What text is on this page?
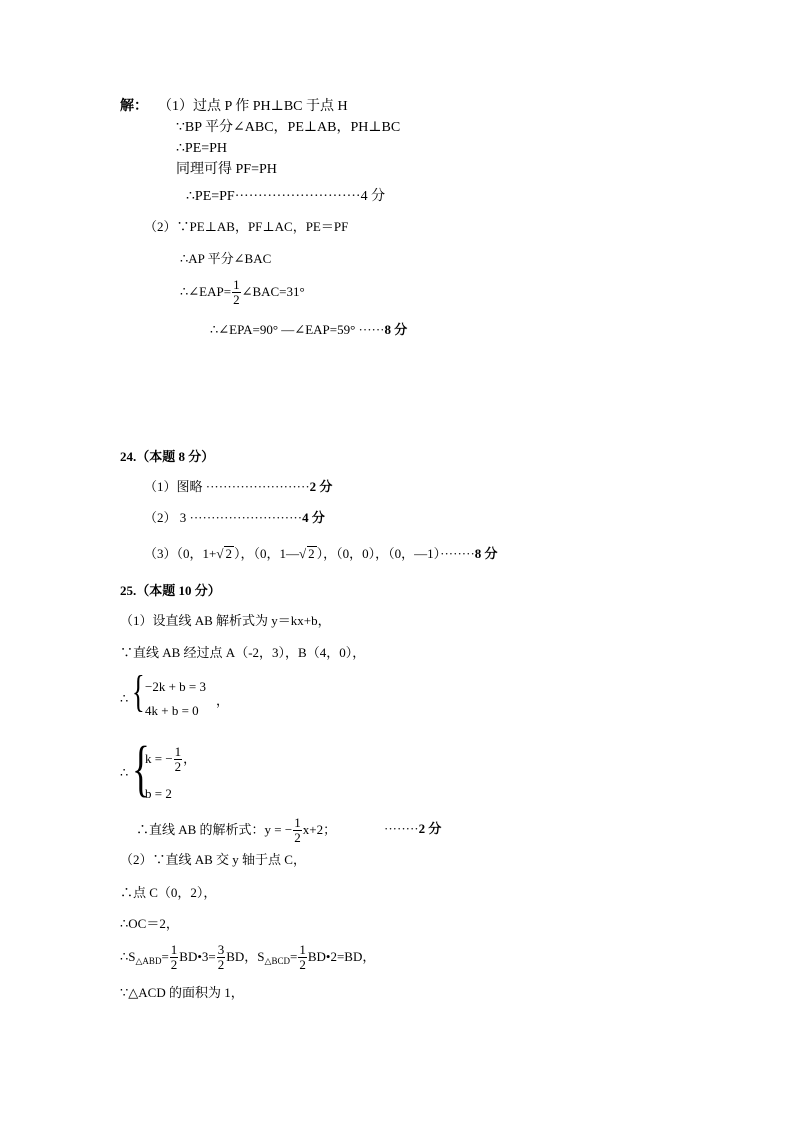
解： （1）过点 P 作 PH⊥BC 于点 H
∵BP 平分∠ABC，PE⊥AB，PH⊥BC
∴PE=PH
同理可得 PF=PH
∴PE=PF···························4 分
（2）∵PE⊥AB，PF⊥AC，PE＝PF
∴AP 平分∠BAC
∴∠EAP= $\frac{1}{2}$ ∠BAC=31°
∴∠EPA=90° —∠EAP=59° ······8 分
24.（本题 8 分）
（1）图略 ························2 分
（2） 3 ··························4 分
（3）（0，1+√ 2 ），（0，1—√ 2 ），（0，0），（0，—1）········8 分
25.（本题 10 分）
（1）设直线 AB 解析式为 y＝kx+b，
∵直线 AB 经过点 A（-2，3），B（4，0），
∴ { −2k + b = 3
4k + b = 0
，
∴ {
k = − $\frac{1}{2}$ ，
b = 2
∴直线 AB 的解析式：y = − $\frac{1}{2} x+2$；	········2 分
（2）∵直线 AB 交 y 轴于点 C，
∴点 C（0，2），
∴OC＝2，
$\therefore S_{\triangle ABD}= \frac{1}{2}$ BD•3= $\frac{3}{2}$ BD，$S_{\triangle BCD}= \frac{1}{2}$ BD•2=BD，
∵△ACD 的面积为 1，
